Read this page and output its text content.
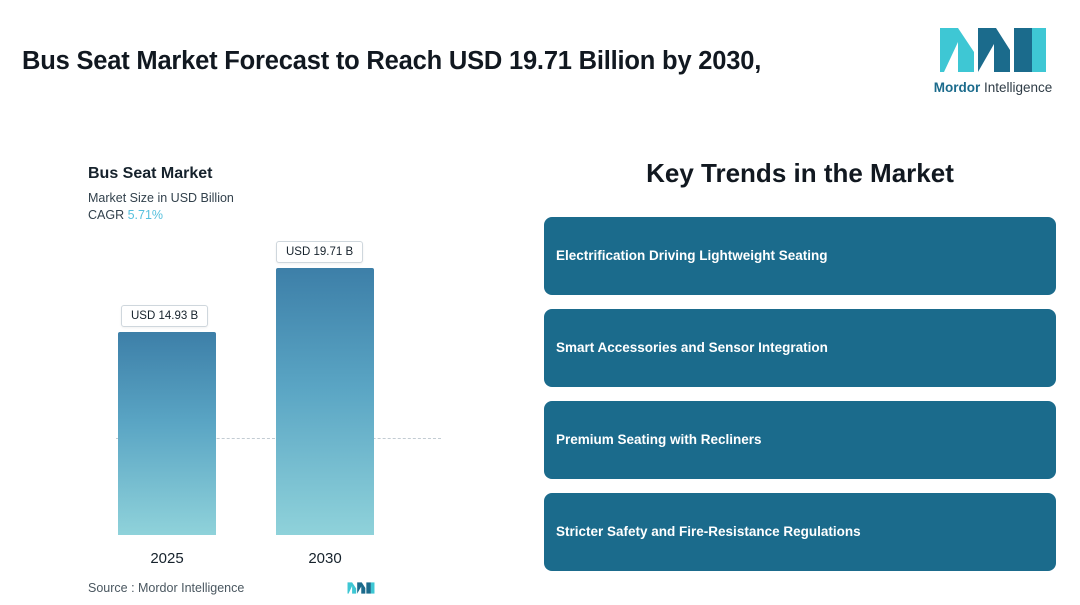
Bus Seat Market Forecast to Reach USD 19.71 Billion by 2030,
Mordor Intelligence

Bus Seat Market

Market Size in USD Billion

CAGR 5.71%

USD 14.93 B
USD 19.71 B
2025	2030
Source : Mordor Intelligence
Key Trends in the Market
Electrification Driving Lightweight Seating
Smart Accessories and Sensor Integration
Premium Seating with Recliners
Stricter Safety and Fire-Resistance Regulations
